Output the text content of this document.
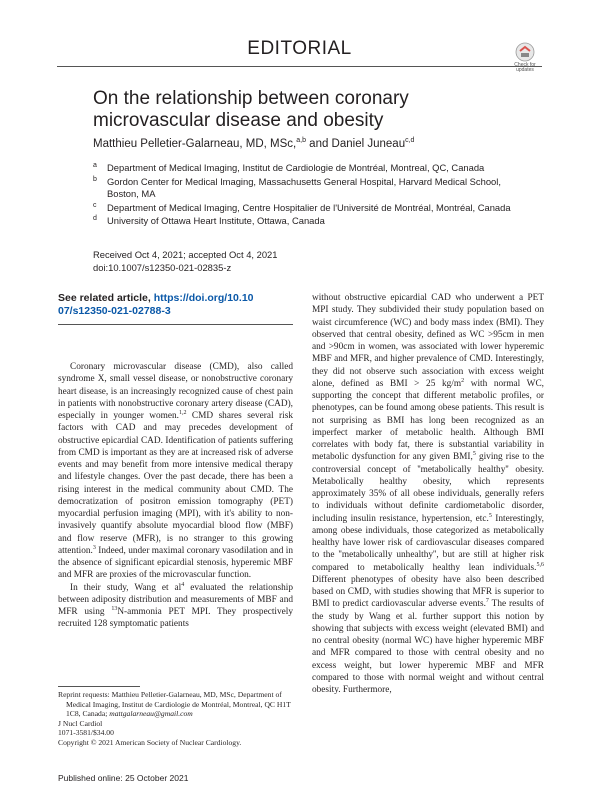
EDITORIAL
Check for
updates
On the relationship between coronary microvascular disease and obesity
Matthieu Pelletier-Galarneau, MD, MSc,$^{a,b}$ and Daniel Juneau$^{c,d}$
a Department of Medical Imaging, Institut de Cardiologie de Montréal, Montreal, QC, Canada
b Gordon Center for Medical Imaging, Massachusetts General Hospital, Harvard Medical School, Boston, MA
c Department of Medical Imaging, Centre Hospitalier de l'Université de Montréal, Montréal, Canada
d University of Ottawa Heart Institute, Ottawa, Canada
Received Oct 4, 2021; accepted Oct 4, 2021
doi:10.1007/s12350-021-02835-z

See related article, https://doi.org/10.10
07/s12350-021-02788-3

Coronary microvascular disease (CMD), also called syndrome X, small vessel disease, or nonobstructive coronary heart disease, is an increasingly recognized cause of chest pain in patients with nonobstructive coronary artery disease (CAD), especially in younger women.$^{1,2}$ CMD shares several risk factors with CAD and may precedes development of obstructive epicardial CAD. Identification of patients suffering from CMD is important as they are at increased risk of adverse events and may benefit from more intensive medical therapy and lifestyle changes. Over the past decade, there has been a rising interest in the medical community about CMD. The democratization of positron emission tomography (PET) myocardial perfusion imaging (MPI), with it's ability to non-invasively quantify absolute myocardial blood flow (MBF) and flow reserve (MFR), is no stranger to this growing attention.$^3$ Indeed, under maximal coronary vasodilation and in the absence of significant epicardial stenosis, hyperemic MBF and MFR are proxies of the microvascular function.

In their study, Wang et $al^4$ evaluated the relationship between adiposity distribution and measurements of MBF and MFR using $^{13}$N-ammonia PET MPI. They prospectively recruited 128 symptomatic patients

without obstructive epicardial CAD who underwent a PET MPI study. They subdivided their study population based on waist circumference (WC) and body mass index (BMI). They observed that central obesity, defined as WC >95cm in men and >90cm in women, was associated with lower hyperemic MBF and MFR, and higher prevalence of CMD. Interestingly, they did not observe such association with excess weight alone, defined as BMI > 25 $kg/m^2$ with normal WC, supporting the concept that different metabolic profiles, or phenotypes, can be found among obese patients. This result is not surprising as BMI has long been recognized as an imperfect marker of metabolic health. Although BMI correlates with body fat, there is substantial variability in metabolic dysfunction for any given BMI,$^5$ giving rise to the controversial concept of ''metabolically healthy'' obesity. Metabolically healthy obesity, which represents approximately 35% of all obese individuals, generally refers to individuals without definite cardiometabolic disorder, including insulin resistance, hypertension, etc.$^5$ Interestingly, among obese individuals, those categorized as metabolically healthy have lower risk of cardiovascular diseases compared to the ''metabolically unhealthy'', but are still at higher risk compared to metabolically healthy lean individuals.$^{5,6}$ Different phenotypes of obesity have also been described based on CMD, with studies showing that MFR is superior to BMI to predict cardiovascular adverse events.$^7$ The results of the study by Wang et al. further support this notion by showing that subjects with excess weight (elevated BMI) and no central obesity (normal WC) have higher hyperemic MBF and MFR compared to those with central obesity and no excess weight, but lower hyperemic MBF and MFR compared to those with normal weight and without central obesity. Furthermore,

Reprint requests: Matthieu Pelletier-Galarneau, MD, MSc, Department of Medical Imaging, Institut de Cardiologie de Montréal, Montreal, QC H1T 1C8, Canada; mattgalarneau@gmail.com
J Nucl Cardiol
1071-3581/$34.00
Copyright © 2021 American Society of Nuclear Cardiology.
Published online: 25 October 2021
